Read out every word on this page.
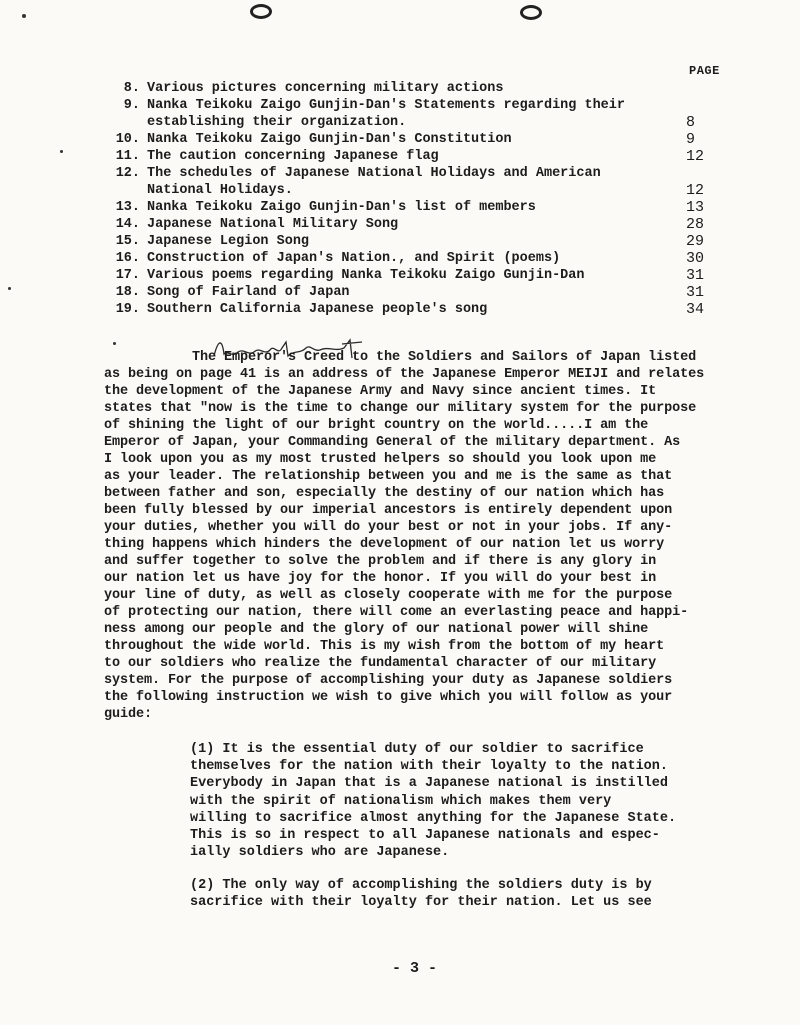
PAGE
8. Various pictures concerning military actions
9. Nanka Teikoku Zaigo Gunjin-Dan's Statements regarding their
establishing their organization.	8
10. Nanka Teikoku Zaigo Gunjin-Dan's Constitution	9
11. The caution concerning Japanese flag	12
12. The schedules of Japanese National Holidays and American
National Holidays.	12
13. Nanka Teikoku Zaigo Gunjin-Dan's list of members	13
14. Japanese National Military Song	28
15. Japanese Legion Song	29
16. Construction of Japan's Nation., and Spirit (poems)	30
17. Various poems regarding Nanka Teikoku Zaigo Gunjin-Dan	31
18. Song of Fairland of Japan	31
19. Southern California Japanese people's song	34
The Emperor's Creed to the Soldiers and Sailors of Japan listed
as being on page 41 is an address of the Japanese Emperor MEIJI and relates
the development of the Japanese Army and Navy since ancient times. It
states that "now is the time to change our military system for the purpose
of shining the light of our bright country on the world.....I am the
Emperor of Japan, your Commanding General of the military department. As
I look upon you as my most trusted helpers so should you look upon me
as your leader. The relationship between you and me is the same as that
between father and son, especially the destiny of our nation which has
been fully blessed by our imperial ancestors is entirely dependent upon
your duties, whether you will do your best or not in your jobs. If any-
thing happens which hinders the development of our nation let us worry
and suffer together to solve the problem and if there is any glory in
our nation let us have joy for the honor. If you will do your best in
your line of duty, as well as closely cooperate with me for the purpose
of protecting our nation, there will come an everlasting peace and happi-
ness among our people and the glory of our national power will shine
throughout the wide world. This is my wish from the bottom of my heart
to our soldiers who realize the fundamental character of our military
system. For the purpose of accomplishing your duty as Japanese soldiers
the following instruction we wish to give which you will follow as your
guide:
(1) It is the essential duty of our soldier to sacrifice
themselves for the nation with their loyalty to the nation.
Everybody in Japan that is a Japanese national is instilled
with the spirit of nationalism which makes them very
willing to sacrifice almost anything for the Japanese State.
This is so in respect to all Japanese nationals and espec-
ially soldiers who are Japanese.
(2) The only way of accomplishing the soldiers duty is by
sacrifice with their loyalty for their nation. Let us see
- 3 -
